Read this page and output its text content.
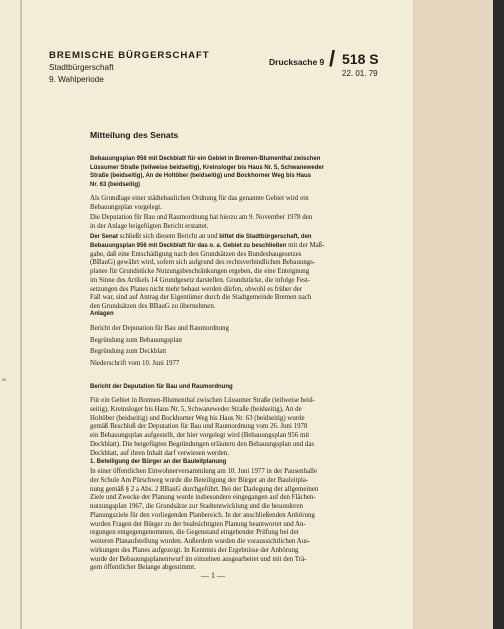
es.

BREMISCHE BÜRGERSCHAFT

Stadtbürgerschaft

9. Wahlperiode

Drucksache 9 / 518 S

22. 01. 79

Mitteilung des Senats

Bebauungsplan 956 mit Deckblatt für ein Gebiet in Bremen-Blumenthal zwischen
Lüssumer Straße (teilweise beidseitig), Kreinsloger bis Haus Nr. 5, Schwaneweder
Straße (beidseitig), An de Holtöber (beidseitig) und Bockhorner Weg bis Haus
Nr. 63 (beidseitig)
Als Grundlage einer städtebaulichen Ordnung für das genannte Gebiet wird ein
Bebauungsplan vorgelegt.
Die Deputation für Bau und Raumordnung hat hierzu am 9. November 1978 den
in der Anlage beigefügten Bericht erstattet.
Der Senat schließt sich diesem Bericht an und bittet die Stadtbürgerschaft, den
Bebauungsplan 956 mit Deckblatt für das o. a. Gebiet zu beschließen mit der Maß-
gabe, daß eine Entschädigung nach den Grundsätzen des Bundesbaugesetzes
(BBauG) gewährt wird, sofern sich aufgrund des rechtsverbindlichen Bebauungs-
planes für Grundstücke Nutzungsbeschränkungen ergeben, die eine Enteignung
im Sinne des Artikels 14 Grundgesetz darstellen. Grundstücke, die infolge Fest-
setzungen des Planes nicht mehr bebaut werden dürfen, obwohl es früher der
Fall war, sind auf Antrag der Eigentümer durch die Stadtgemeinde Bremen nach
den Grundsätzen des BBauG zu übernehmen.

Anlagen

Bericht der Deputation für Bau und Raumordnung
Begründung zum Bebauungsplan
Begründung zum Deckblatt
Niederschrift vom 10. Juni 1977

Bericht der Deputation für Bau und Raumordnung

Für ein Gebiet in Bremen-Blumenthal zwischen Lüssumer Straße (teilweise beid-
seitig), Kreinsloger bis Haus Nr. 5, Schwaneweder Straße (beidseitig), An de
Holtöber (beidseitig) und Bockhorner Weg bis Haus Nr. 63 (beidseitig) wurde
gemäß Beschluß der Deputation für Bau und Raumordnung vom 26. Juni 1978
ein Bebauungsplan aufgestellt, der hier vorgelegt wird (Bebauungsplan 956 mit
Deckblatt). Die beigefügten Begründungen erläutern den Bebauungsplan und das
Deckblatt, auf ihren Inhalt darf verwiesen werden.

1. Beteiligung der Bürger an der Bauleitplanung

In einer öffentlichen Einwohnerversammlung am 10. Juni 1977 in der Pausenhalle
der Schule Am Pürschweg wurde die Beteiligung der Bürger an der Bauleitpla-
nung gemäß § 2 a Abs. 2 BBauG durchgeführt. Bei der Darlegung der allgemeinen
Ziele und Zwecke der Planung wurde insbesondere eingegangen auf den Flächen-
nutzungsplan 1967, die Grundsätze zur Stadtentwicklung und die besonderen
Planungsziele für den vorliegenden Planbereich. In der anschließenden Anhörung
wurden Fragen der Bürger zu der beabsichtigten Planung beantwortet und An-
regungen entgegengenommen, die Gegenstand eingehender Prüfung bei der
weiteren Planaufstellung wurden. Außerdem wurden die voraussichtlichen Aus-
wirkungen des Planes aufgezeigt. In Kenntnis der Ergebnisse der Anhörung
wurde der Bebauungsplanentwurf im einzelnen ausgearbeitet und mit den Trä-
gern öffentlicher Belange abgestimmt.

— 1 —
